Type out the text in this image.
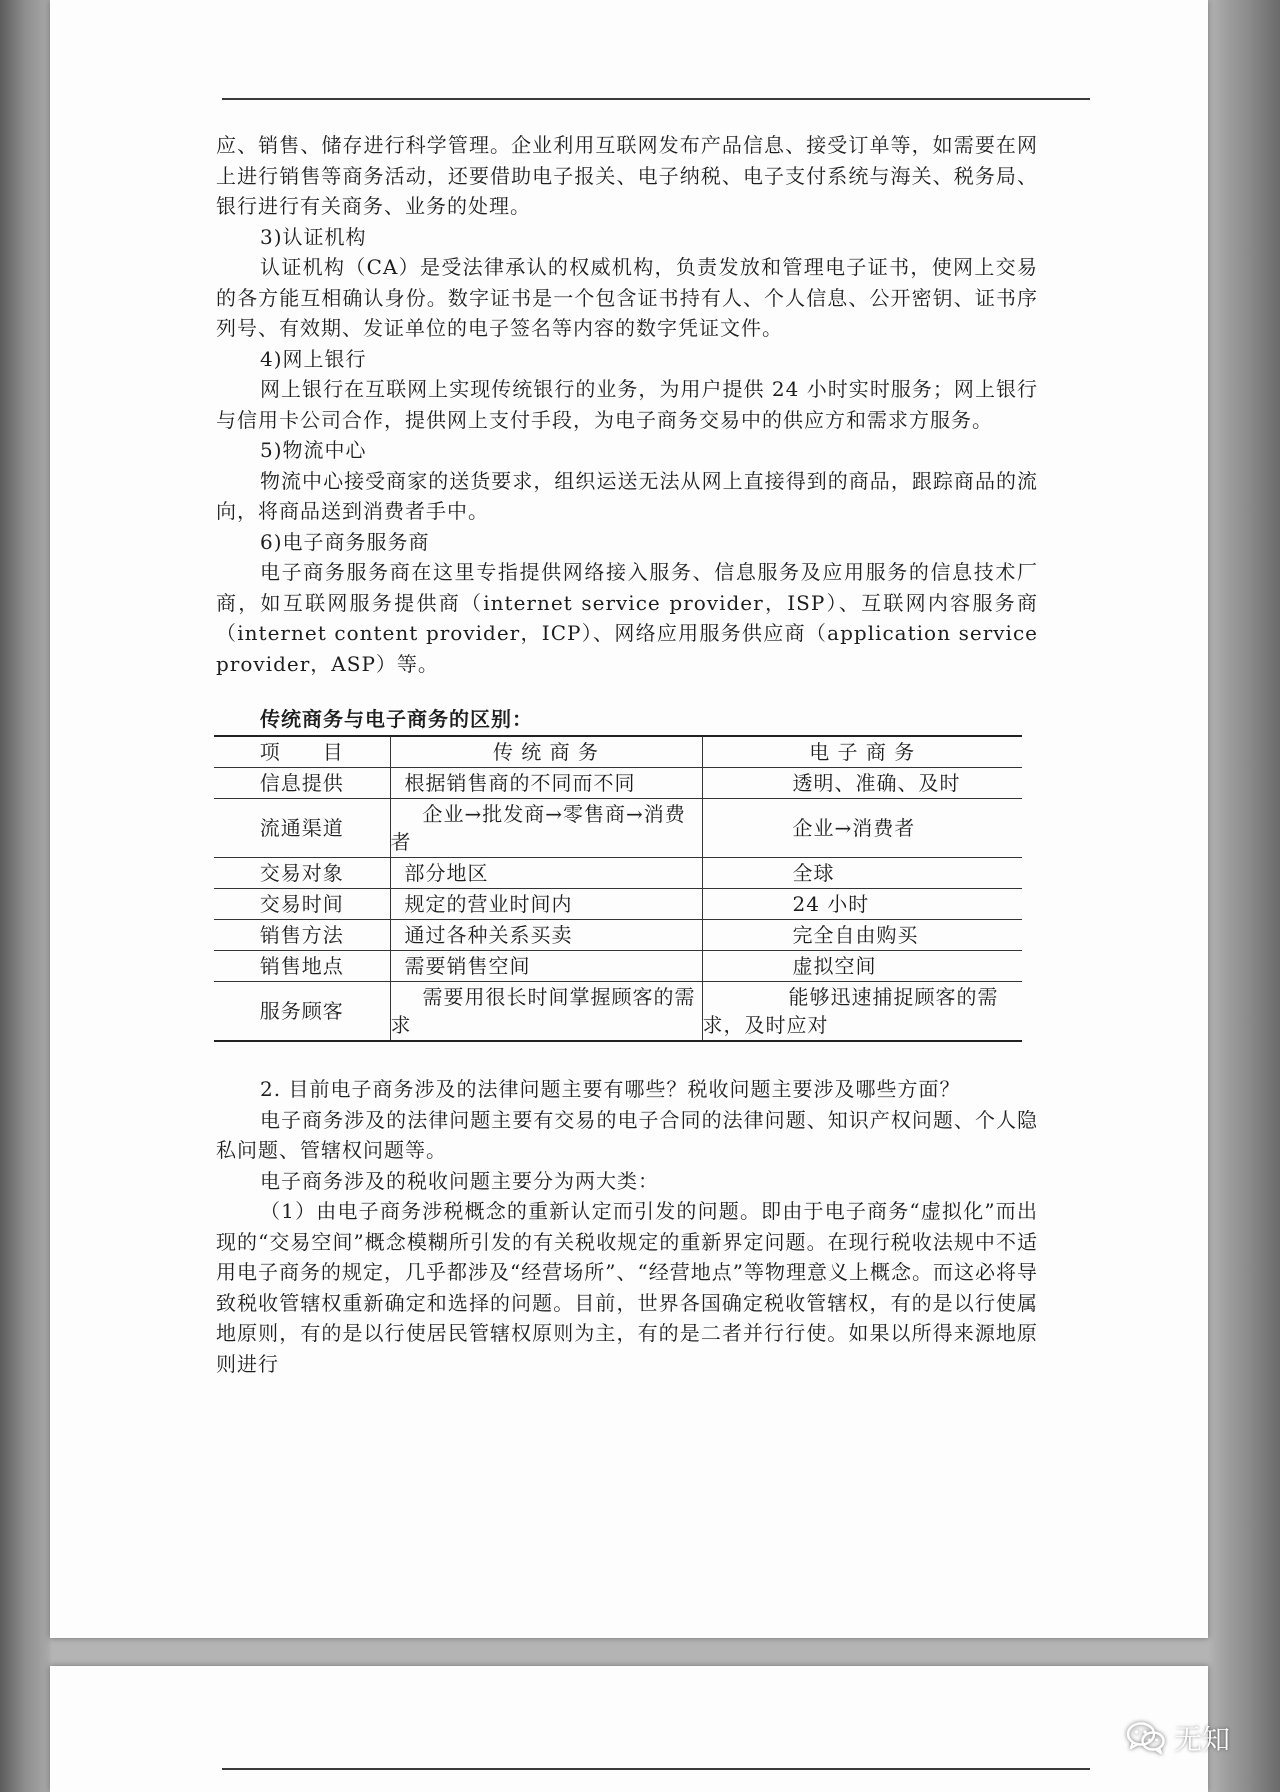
应、销售、储存进行科学管理。企业利用互联网发布产品信息、接受订单等，如需要在网上进行销售等商务活动，还要借助电子报关、电子纳税、电子支付系统与海关、税务局、银行进行有关商务、业务的处理。

3)认证机构

认证机构（CA）是受法律承认的权威机构，负责发放和管理电子证书，使网上交易的各方能互相确认身份。数字证书是一个包含证书持有人、个人信息、公开密钥、证书序列号、有效期、发证单位的电子签名等内容的数字凭证文件。

4)网上银行

网上银行在互联网上实现传统银行的业务，为用户提供 24 小时实时服务；网上银行与信用卡公司合作，提供网上支付手段，为电子商务交易中的供应方和需求方服务。

5)物流中心

物流中心接受商家的送货要求，组织运送无法从网上直接得到的商品，跟踪商品的流向，将商品送到消费者手中。

6)电子商务服务商

电子商务服务商在这里专指提供网络接入服务、信息服务及应用服务的信息技术厂商，如互联网服务提供商（internet service provider，ISP）、互联网内容服务商（internet content provider，ICP）、网络应用服务供应商（application service provider，ASP）等。

传统商务与电子商务的区别：
项　　目	传 统 商 务	电 子 商 务
信息提供	根据销售商的不同而不同	透明、准确、及时
流通渠道	企业→批发商→零售商→消费者	企业→消费者
交易对象	部分地区	全球
交易时间	规定的营业时间内	24 小时
销售方法	通过各种关系买卖	完全自由购买
销售地点	需要销售空间	虚拟空间
服务顾客	需要用很长时间掌握顾客的需求	能够迅速捕捉顾客的需求，及时应对

2. 目前电子商务涉及的法律问题主要有哪些？税收问题主要涉及哪些方面？

电子商务涉及的法律问题主要有交易的电子合同的法律问题、知识产权问题、个人隐私问题、管辖权问题等。

电子商务涉及的税收问题主要分为两大类：

（1）由电子商务涉税概念的重新认定而引发的问题。即由于电子商务“虚拟化”而出现的“交易空间”概念模糊所引发的有关税收规定的重新界定问题。在现行税收法规中不适用电子商务的规定，几乎都涉及“经营场所”、“经营地点”等物理意义上概念。而这必将导致税收管辖权重新确定和选择的问题。目前，世界各国确定税收管辖权，有的是以行使属地原则，有的是以行使居民管辖权原则为主，有的是二者并行行使。如果以所得来源地原则进行

无知
